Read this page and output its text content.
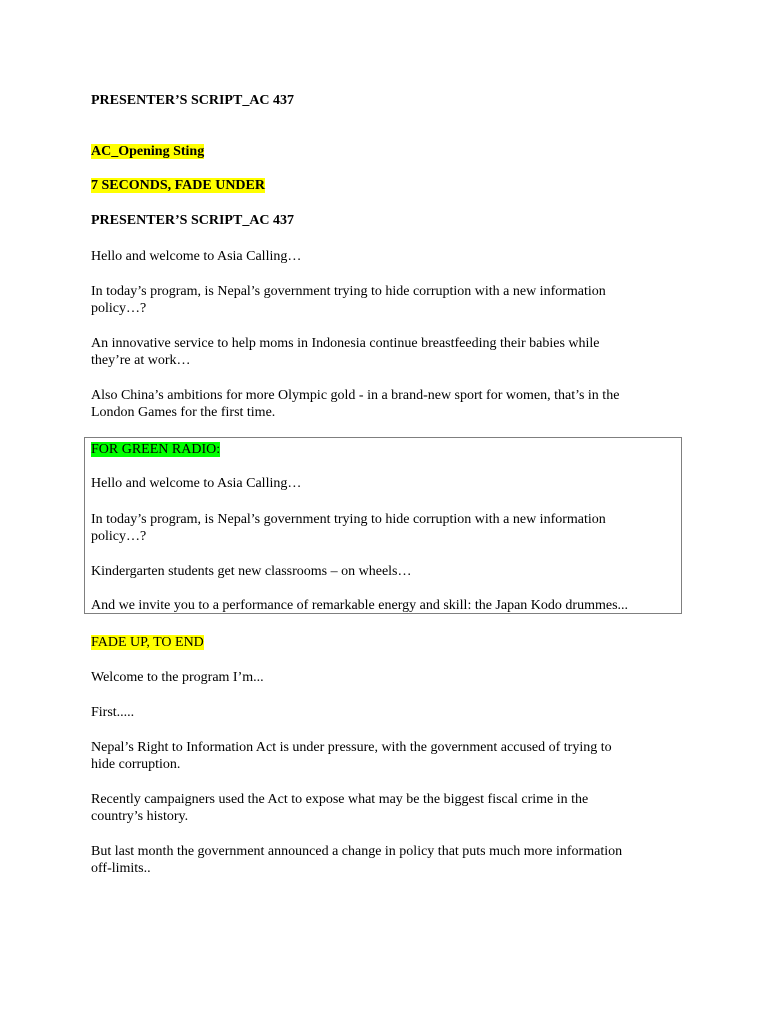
PRESENTER’S SCRIPT_AC 437
AC_Opening Sting
7 SECONDS, FADE UNDER
PRESENTER’S SCRIPT_AC 437
Hello and welcome to Asia Calling…
In today’s program, is Nepal’s government trying to hide corruption with a new information
policy…?
An innovative service to help moms in Indonesia continue breastfeeding their babies while
they’re at work…
Also China’s ambitions for more Olympic gold - in a brand-new sport for women, that’s in the
London Games for the first time.
FOR GREEN RADIO:
Hello and welcome to Asia Calling…
In today’s program, is Nepal’s government trying to hide corruption with a new information
policy…?
Kindergarten students get new classrooms – on wheels…
And we invite you to a performance of remarkable energy and skill: the Japan Kodo drummes...
FADE UP, TO END
Welcome to the program I’m...
First.....
Nepal’s Right to Information Act is under pressure, with the government accused of trying to
hide corruption.
Recently campaigners used the Act to expose what may be the biggest fiscal crime in the
country’s history.
But last month the government announced a change in policy that puts much more information
off-limits..
